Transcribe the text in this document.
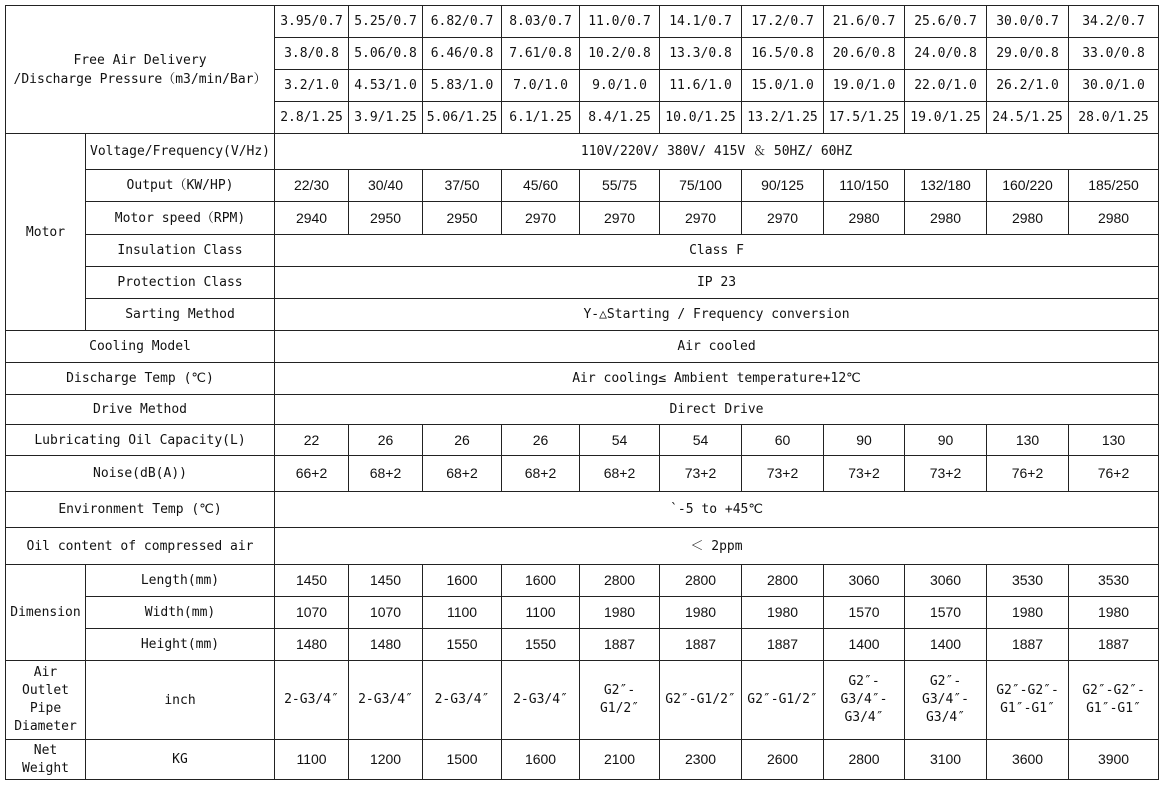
Free Air Delivery
/Discharge Pressure（m3/min/Bar）		3.95/0.7	5.25/0.7	6.82/0.7	8.03/0.7	11.0/0.7	14.1/0.7	17.2/0.7	21.6/0.7	25.6/0.7	30.0/0.7	34.2/0.7
		3.8/0.8	5.06/0.8	6.46/0.8	7.61/0.8	10.2/0.8	13.3/0.8	16.5/0.8	20.6/0.8	24.0/0.8	29.0/0.8	33.0/0.8
		3.2/1.0	4.53/1.0	5.83/1.0	7.0/1.0	9.0/1.0	11.6/1.0	15.0/1.0	19.0/1.0	22.0/1.0	26.2/1.0	30.0/1.0
		2.8/1.25	3.9/1.25	5.06/1.25	6.1/1.25	8.4/1.25	10.0/1.25	13.2/1.25	17.5/1.25	19.0/1.25	24.5/1.25	28.0/1.25
Motor	Voltage/Frequency(V/Hz)	110V/220V/ 380V/ 415V ＆ 50HZ/ 60HZ										
	Output（KW/HP)	22/30	30/40	37/50	45/60	55/75	75/100	90/125	110/150	132/180	160/220	185/250
	Motor speed（RPM)	2940	2950	2950	2970	2970	2970	2970	2980	2980	2980	2980
	Insulation Class	Class F										
	Protection Class	IP 23										
	Sarting Method	Y-△Starting / Frequency conversion										
Cooling Model		Air cooled										
Discharge Temp (℃)		Air cooling≤ Ambient temperature+12℃										
Drive Method		Direct Drive										
Lubricating Oil Capacity(L)		22	26	26	26	54	54	60	90	90	130	130
Noise(dB(A))		66+2	68+2	68+2	68+2	68+2	73+2	73+2	73+2	73+2	76+2	76+2
Environment Temp (℃)		`-5 to +45℃										
Oil content of compressed air		＜ 2ppm										
Dimension	Length(mm)	1450	1450	1600	1600	2800	2800	2800	3060	3060	3530	3530
	Width(mm)	1070	1070	1100	1100	1980	1980	1980	1570	1570	1980	1980
	Height(mm)	1480	1480	1550	1550	1887	1887	1887	1400	1400	1887	1887
Air Outlet Pipe Diameter	inch	2-G3/4″	2-G3/4″	2-G3/4″	2-G3/4″	G2″- G1/2″	G2″-G1/2″	G2″-G1/2″	G2″- G3/4″- G3/4″	G2″- G3/4″- G3/4″	G2″-G2″- G1″-G1″	G2″-G2″- G1″-G1″
Net Weight	KG	1100	1200	1500	1600	2100	2300	2600	2800	3100	3600	3900
